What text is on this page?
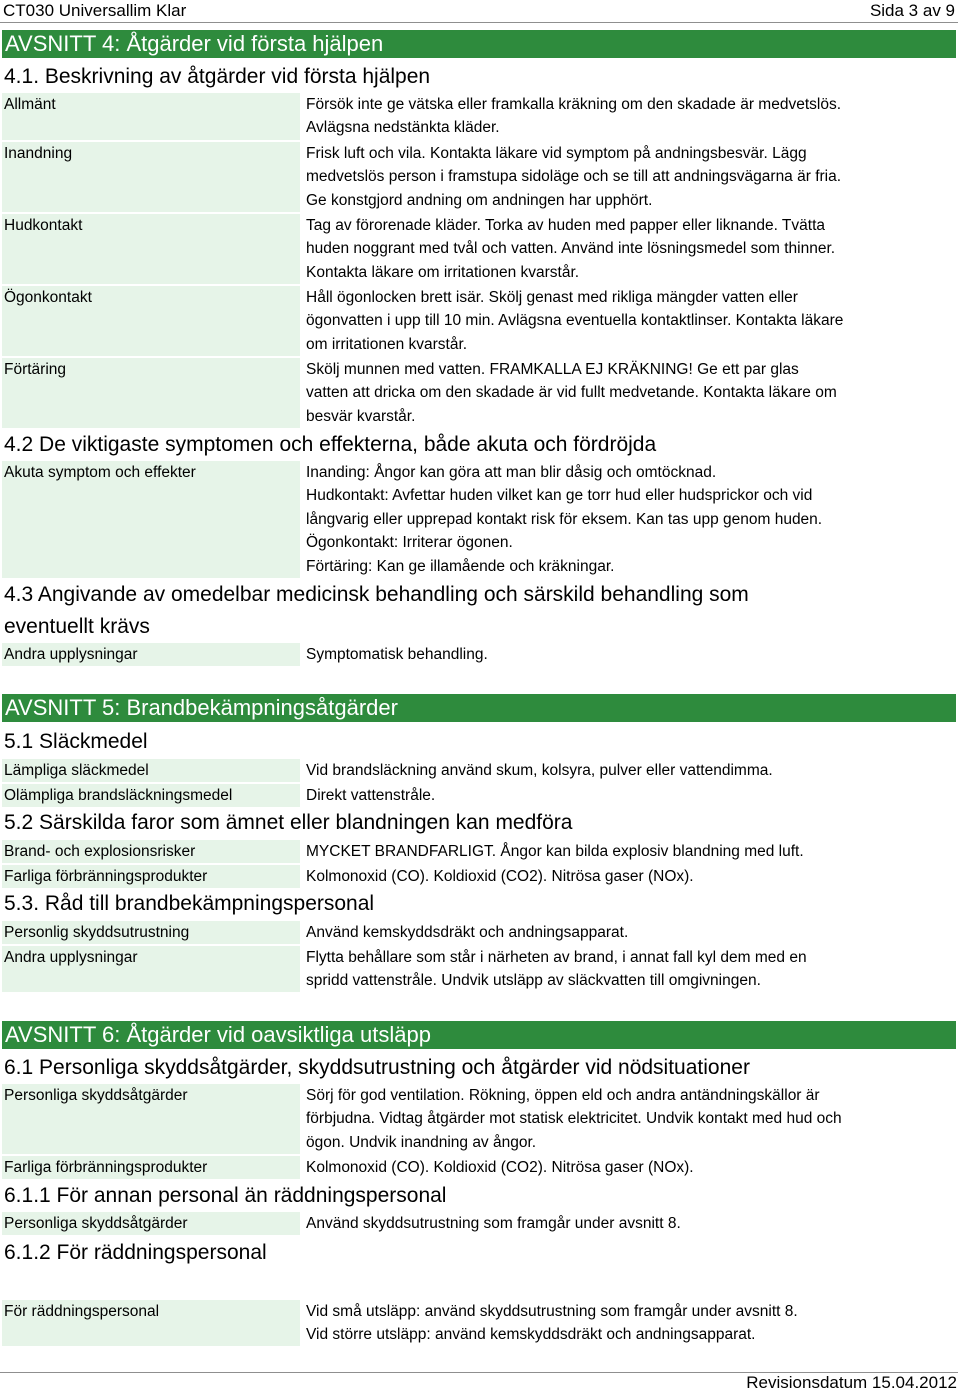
CT030 Universallim Klar	Sida 3 av 9
AVSNITT 4: Åtgärder vid första hjälpen
4.1. Beskrivning av åtgärder vid första hjälpen
Allmänt	Försök inte ge vätska eller framkalla kräkning om den skadade är medvetslös.
Avlägsna nedstänkta kläder.
Inandning	Frisk luft och vila. Kontakta läkare vid symptom på andningsbesvär. Lägg
medvetslös person i framstupa sidoläge och se till att andningsvägarna är fria.
Ge konstgjord andning om andningen har upphört.
Hudkontakt	Tag av förorenade kläder. Torka av huden med papper eller liknande. Tvätta
huden noggrant med tvål och vatten. Använd inte lösningsmedel som thinner.
Kontakta läkare om irritationen kvarstår.
Ögonkontakt	Håll ögonlocken brett isär. Skölj genast med rikliga mängder vatten eller
ögonvatten i upp till 10 min. Avlägsna eventuella kontaktlinser. Kontakta läkare
om irritationen kvarstår.
Förtäring	Skölj munnen med vatten. FRAMKALLA EJ KRÄKNING! Ge ett par glas
vatten att dricka om den skadade är vid fullt medvetande. Kontakta läkare om
besvär kvarstår.
4.2 De viktigaste symptomen och effekterna, både akuta och fördröjda
Akuta symptom och effekter	Inanding: Ångor kan göra att man blir dåsig och omtöcknad.
Hudkontakt: Avfettar huden vilket kan ge torr hud eller hudsprickor och vid
långvarig eller upprepad kontakt risk för eksem. Kan tas upp genom huden.
Ögonkontakt: Irriterar ögonen.
Förtäring: Kan ge illamående och kräkningar.
4.3 Angivande av omedelbar medicinsk behandling och särskild behandling som
eventuellt krävs
Andra upplysningar	Symptomatisk behandling.
AVSNITT 5: Brandbekämpningsåtgärder
5.1 Släckmedel
Lämpliga släckmedel	Vid brandsläckning använd skum, kolsyra, pulver eller vattendimma.
Olämpliga brandsläckningsmedel	Direkt vattenstråle.
5.2 Särskilda faror som ämnet eller blandningen kan medföra
Brand- och explosionsrisker	MYCKET BRANDFARLIGT. Ångor kan bilda explosiv blandning med luft.
Farliga förbränningsprodukter	Kolmonoxid (CO). Koldioxid (CO2). Nitrösa gaser (NOx).
5.3. Råd till brandbekämpningspersonal
Personlig skyddsutrustning	Använd kemskyddsdräkt och andningsapparat.
Andra upplysningar	Flytta behållare som står i närheten av brand, i annat fall kyl dem med en
spridd vattenstråle. Undvik utsläpp av släckvatten till omgivningen.
AVSNITT 6: Åtgärder vid oavsiktliga utsläpp
6.1 Personliga skyddsåtgärder, skyddsutrustning och åtgärder vid nödsituationer
Personliga skyddsåtgärder	Sörj för god ventilation. Rökning, öppen eld och andra antändningskällor är
förbjudna. Vidtag åtgärder mot statisk elektricitet. Undvik kontakt med hud och
ögon. Undvik inandning av ångor.
Farliga förbränningsprodukter	Kolmonoxid (CO). Koldioxid (CO2). Nitrösa gaser (NOx).
6.1.1 För annan personal än räddningspersonal
Personliga skyddsåtgärder	Använd skyddsutrustning som framgår under avsnitt 8.
6.1.2 För räddningspersonal
För räddningspersonal	Vid små utsläpp: använd skyddsutrustning som framgår under avsnitt 8.
Vid större utsläpp: använd kemskyddsdräkt och andningsapparat.
Revisionsdatum 15.04.2012
